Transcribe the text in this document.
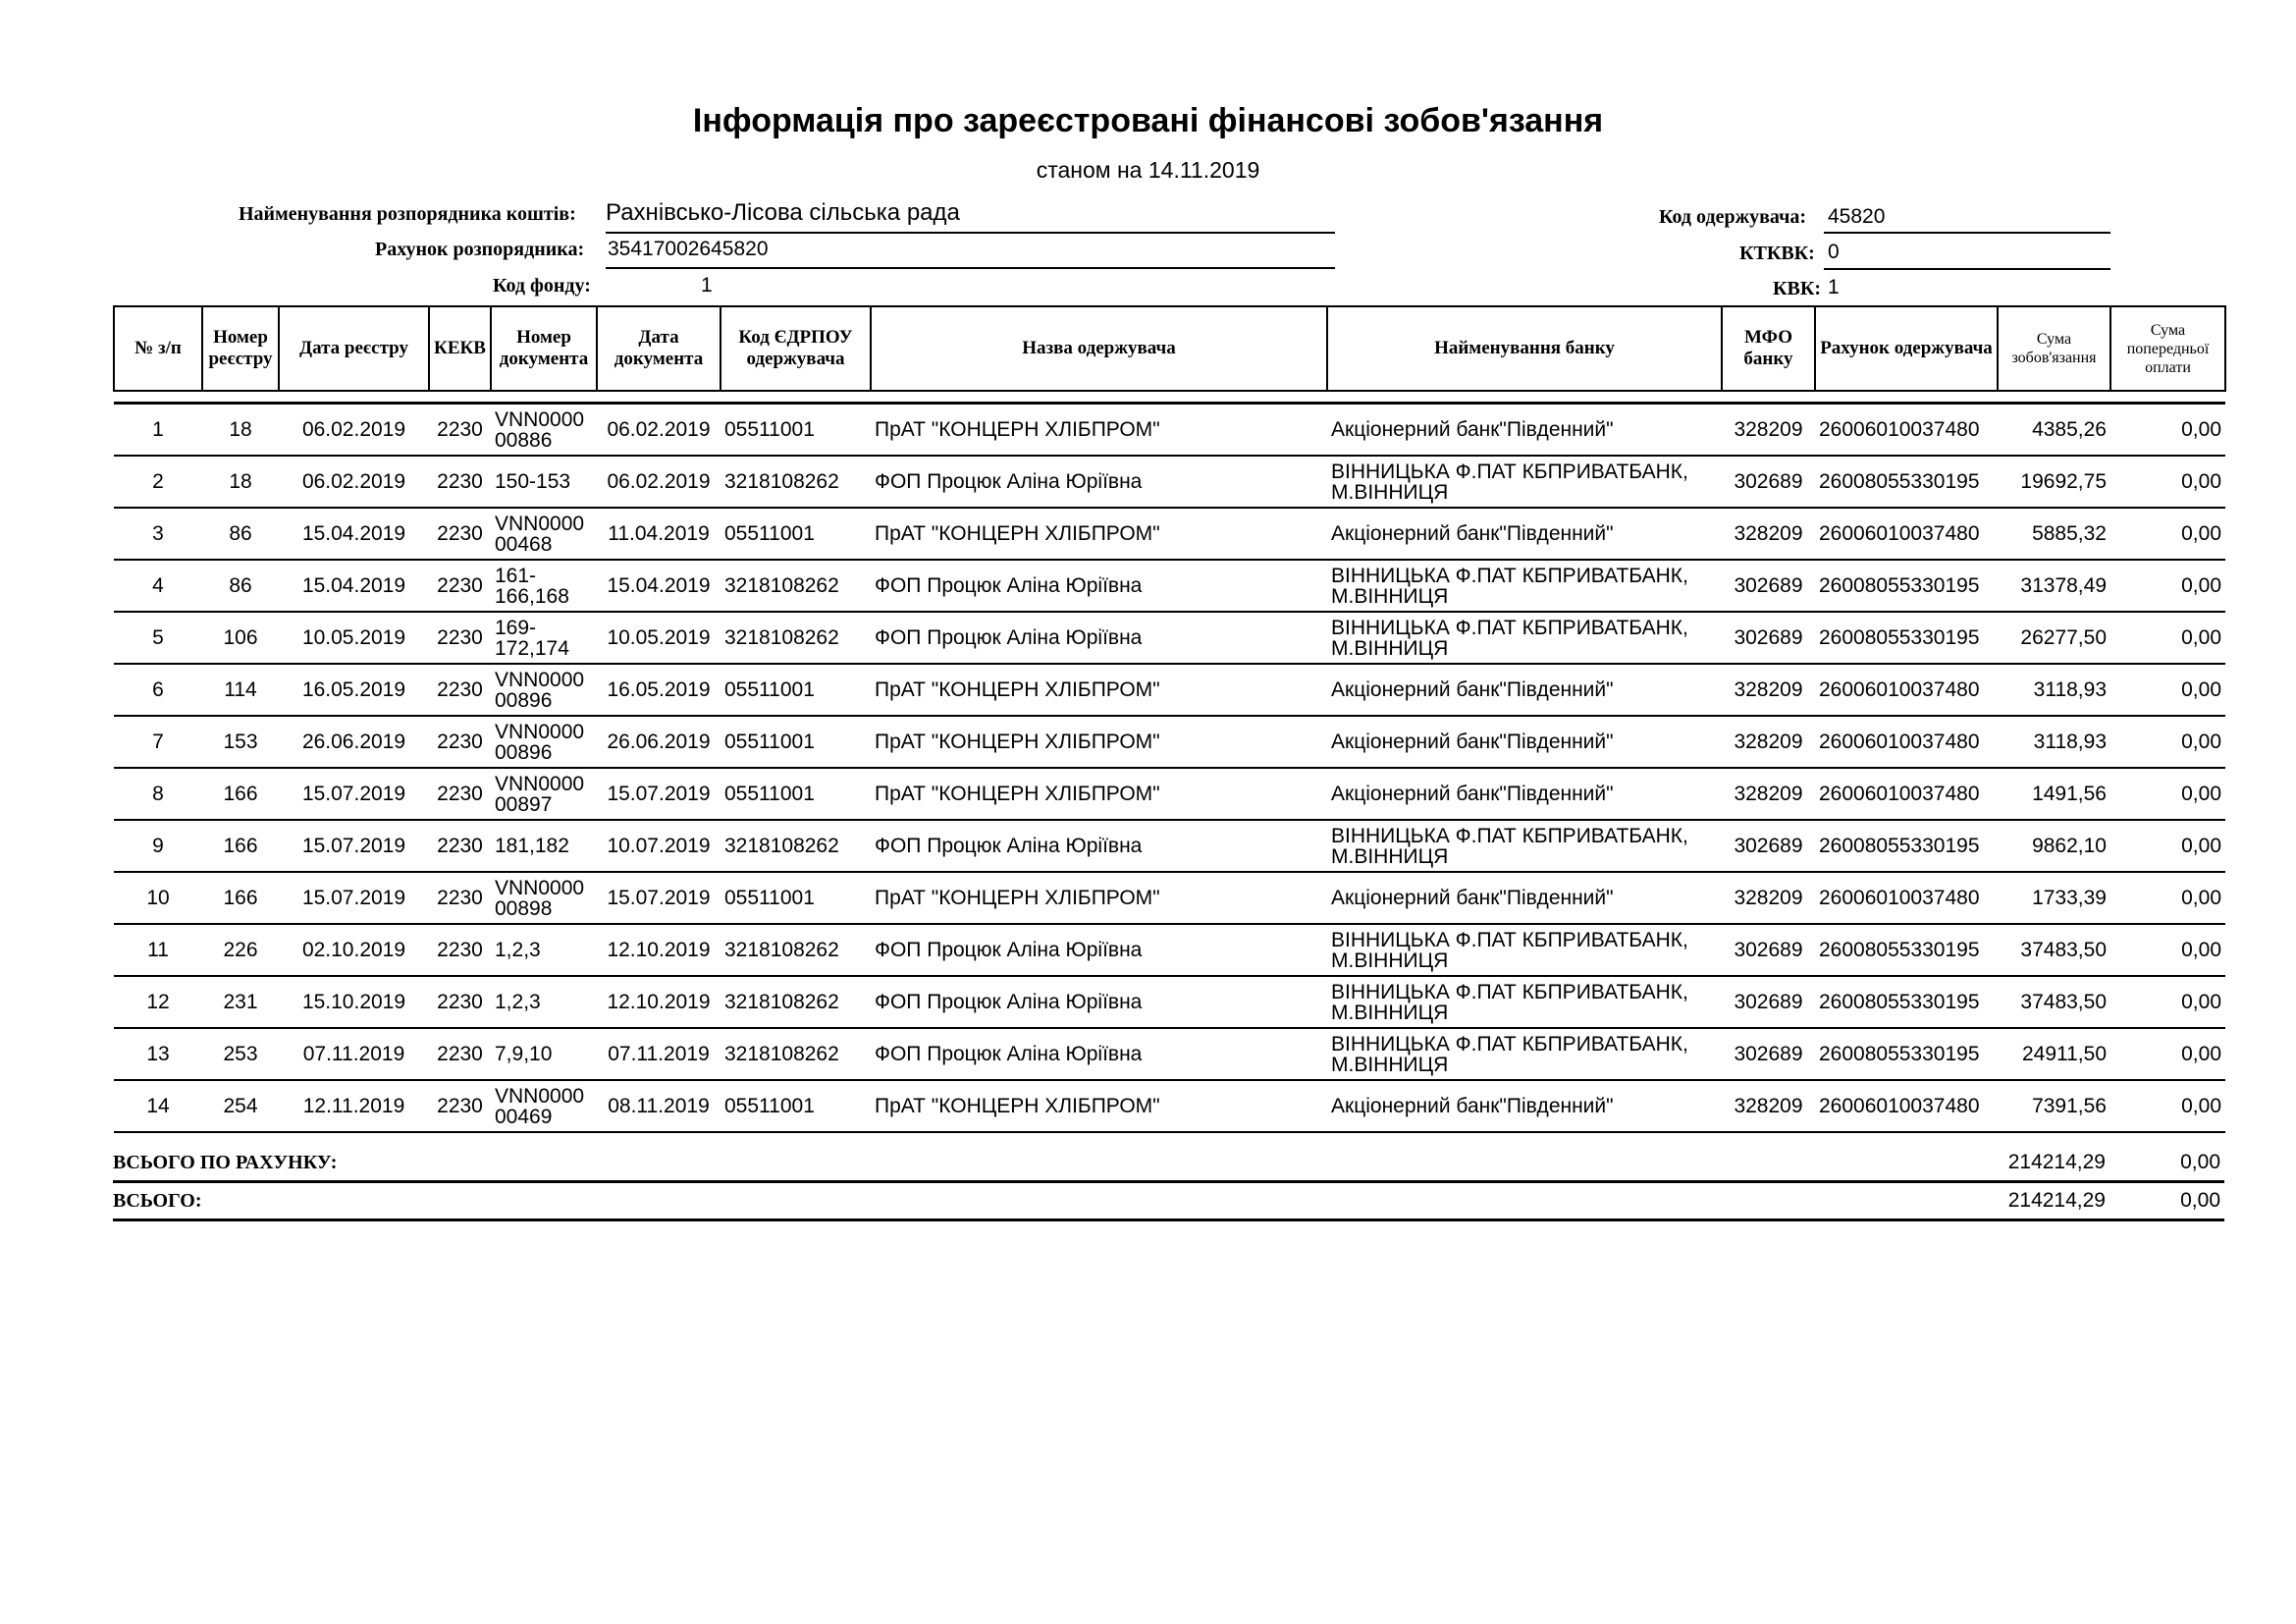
Інформація про зареєстровані фінансові зобов'язання
станом на 14.11.2019
Найменування розпорядника коштів: Рахнівсько-Лісова сільська рада
Рахунок розпорядника: 35417002645820
Код фонду:	1
Код одержувача: 45820
КТКВК: 0
КВК: 1
№ з/п	Номер реєстру	Дата реєстру	КЕКВ	Номер документа	Дата документа	Код ЄДРПОУ одержувача	Назва одержувача	Найменування банку	МФО банку	Рахунок одержувача	Сума зобов'язання	Сума попередньої оплати

1	18	06.02.2019	2230	VNN0000 00886	06.02.2019	05511001	ПрАТ "КОНЦЕРН ХЛІБПРОМ"	Акціонерний банк"Південний"	328209	26006010037480	4385,26	0,00
2	18	06.02.2019	2230	150-153	06.02.2019	3218108262	ФОП Процюк Аліна Юріївна	ВІННИЦЬКА Ф.ПАТ КБПРИВАТБАНК, М.ВІННИЦЯ	302689	26008055330195	19692,75	0,00
3	86	15.04.2019	2230	VNN0000 00468	11.04.2019	05511001	ПрАТ "КОНЦЕРН ХЛІБПРОМ"	Акціонерний банк"Південний"	328209	26006010037480	5885,32	0,00
4	86	15.04.2019	2230	161- 166,168	15.04.2019	3218108262	ФОП Процюк Аліна Юріївна	ВІННИЦЬКА Ф.ПАТ КБПРИВАТБАНК, М.ВІННИЦЯ	302689	26008055330195	31378,49	0,00
5	106	10.05.2019	2230	169- 172,174	10.05.2019	3218108262	ФОП Процюк Аліна Юріївна	ВІННИЦЬКА Ф.ПАТ КБПРИВАТБАНК, М.ВІННИЦЯ	302689	26008055330195	26277,50	0,00
6	114	16.05.2019	2230	VNN0000 00896	16.05.2019	05511001	ПрАТ "КОНЦЕРН ХЛІБПРОМ"	Акціонерний банк"Південний"	328209	26006010037480	3118,93	0,00
7	153	26.06.2019	2230	VNN0000 00896	26.06.2019	05511001	ПрАТ "КОНЦЕРН ХЛІБПРОМ"	Акціонерний банк"Південний"	328209	26006010037480	3118,93	0,00
8	166	15.07.2019	2230	VNN0000 00897	15.07.2019	05511001	ПрАТ "КОНЦЕРН ХЛІБПРОМ"	Акціонерний банк"Південний"	328209	26006010037480	1491,56	0,00
9	166	15.07.2019	2230	181,182	10.07.2019	3218108262	ФОП Процюк Аліна Юріївна	ВІННИЦЬКА Ф.ПАТ КБПРИВАТБАНК, М.ВІННИЦЯ	302689	26008055330195	9862,10	0,00
10	166	15.07.2019	2230	VNN0000 00898	15.07.2019	05511001	ПрАТ "КОНЦЕРН ХЛІБПРОМ"	Акціонерний банк"Південний"	328209	26006010037480	1733,39	0,00
11	226	02.10.2019	2230	1,2,3	12.10.2019	3218108262	ФОП Процюк Аліна Юріївна	ВІННИЦЬКА Ф.ПАТ КБПРИВАТБАНК, М.ВІННИЦЯ	302689	26008055330195	37483,50	0,00
12	231	15.10.2019	2230	1,2,3	12.10.2019	3218108262	ФОП Процюк Аліна Юріївна	ВІННИЦЬКА Ф.ПАТ КБПРИВАТБАНК, М.ВІННИЦЯ	302689	26008055330195	37483,50	0,00
13	253	07.11.2019	2230	7,9,10	07.11.2019	3218108262	ФОП Процюк Аліна Юріївна	ВІННИЦЬКА Ф.ПАТ КБПРИВАТБАНК, М.ВІННИЦЯ	302689	26008055330195	24911,50	0,00
14	254	12.11.2019	2230	VNN0000 00469	08.11.2019	05511001	ПрАТ "КОНЦЕРН ХЛІБПРОМ"	Акціонерний банк"Південний"	328209	26006010037480	7391,56	0,00
ВСЬОГО ПО РАХУНКУ:	214214,29	0,00
ВСЬОГО:	214214,29	0,00
